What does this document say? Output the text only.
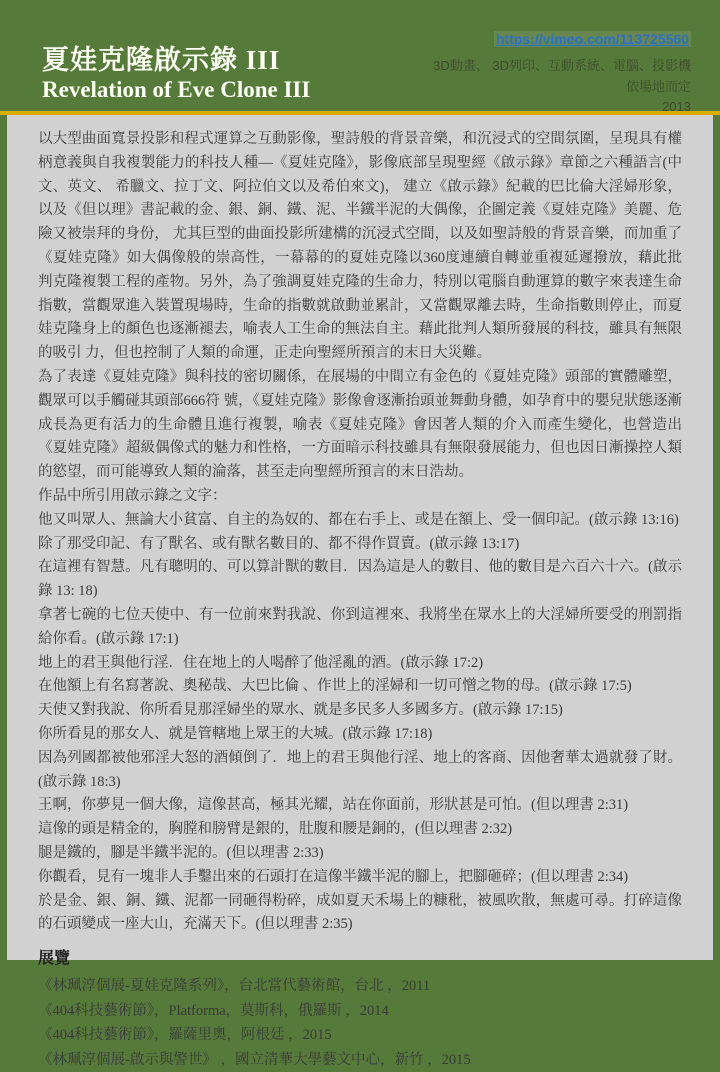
夏娃克隆啟示錄 III
Revelation of Eve Clone III
https://vimeo.com/113725560
3D動畫、 3D列印、互動系統、電腦、投影機
依場地而定
2013
以大型曲面寬景投影和程式運算之互動影像，聖詩般的背景音樂，和沉浸式的空間氛圍，呈現具有權柄意義與自我複製能力的科技人種—《夏娃克隆》，影像底部呈現聖經《啟示錄》章節之六種語言(中文、英文、 希臘文、拉丁文、阿拉伯文以及希伯來文)， 建立《啟示錄》紀載的巴比倫大淫婦形象， 以及《但以理》書記載的金、銀、銅、鐵、泥、半鐵半泥的大偶像，企圖定義《夏娃克隆》美麗、危險又被崇拜的身份， 尤其巨型的曲面投影所建構的沉浸式空間，以及如聖詩般的背景音樂，而加重了《夏娃克隆》如大偶像般的崇高性，一幕幕的的夏娃克隆以360度連續自轉並重複延遲撥放，藉此批判克隆複製工程的產物。另外，為了強調夏娃克隆的生命力，特別以電腦自動運算的數字來表達生命指數，當觀眾進入裝置現場時，生命的指數就啟動並累計，又當觀眾離去時，生命指數則停止，而夏娃克隆身上的顏色也逐漸褪去，喻表人工生命的無法自主。藉此批判人類所發展的科技，雖具有無限的吸引 力，但也控制了人類的命運，正走向聖經所預言的末日大災難。
為了表達《夏娃克隆》與科技的密切關係，在展場的中間立有金色的《夏娃克隆》頭部的實體雕塑，觀眾可以手觸碰其頭部666符 號，《夏娃克隆》影像會逐漸抬頭並舞動身體，如孕育中的嬰兒狀態逐漸成長為更有活力的生命體且進行複製，喻表《夏娃克隆》會因著人類的介入而產生變化，也營造出《夏娃克隆》超級偶像式的魅力和性格，一方面暗示科技雖具有無限發展能力，但也因日漸操控人類的慾望，而可能導致人類的淪落，甚至走向聖經所預言的末日浩劫。
作品中所引用啟示錄之文字：
他又叫眾人、無論大小貧富、自主的為奴的、都在右手上、或是在額上、受一個印記。(啟示錄 13:16)
除了那受印記、有了獸名、或有獸名數目的、都不得作買賣。(啟示錄 13:17)
在這裡有智慧。凡有聰明的、可以算計獸的數目．因為這是人的數目、他的數目是六百六十六。(啟示錄 13: 18)
拿著七碗的七位天使中、有一位前來對我說、你到這裡來、我將坐在眾水上的大淫婦所要受的刑罰指給你看。(啟示錄 17:1)
地上的君王與他行淫．住在地上的人喝醉了他淫亂的酒。(啟示錄 17:2)
在他額上有名寫著說、奧秘哉、大巴比倫 、作世上的淫婦和一切可憎之物的母。(啟示錄 17:5)
天使又對我說、你所看見那淫婦坐的眾水、就是多民多人多國多方。(啟示錄 17:15)
你所看見的那女人、就是管轄地上眾王的大城。(啟示錄 17:18)
因為列國都被他邪淫大怒的酒傾倒了．地上的君王與他行淫、地上的客商、因他奢華太過就發了財。(啟示錄 18:3)
王啊，你夢見一個大像，這像甚高，極其光耀，站在你面前，形狀甚是可怕。(但以理書 2:31)
這像的頭是精金的，胸膛和膀臂是銀的，肚腹和腰是銅的，(但以理書 2:32)
腿是鐵的，腳是半鐵半泥的。(但以理書 2:33)
你觀看，見有一塊非人手鑿出來的石頭打在這像半鐵半泥的腳上，把腳砸碎；(但以理書 2:34)
於是金、銀、銅、鐵、泥都一同砸得粉碎，成如夏天禾場上的糠秕，被風吹散，無處可尋。打碎這像的石頭變成一座大山，充滿天下。(但以理書 2:35)
展覽
《林珮淳個展-夏娃克隆系列》，台北當代藝術館，台北 ，2011
《404科技藝術節》，Platforma，莫斯科，俄羅斯 ，2014
《404科技藝術節》，羅薩里奧，阿根廷 ，2015
《林珮淳個展-啟示與警世》 ，國立清華大學藝文中心，新竹 ，2015
